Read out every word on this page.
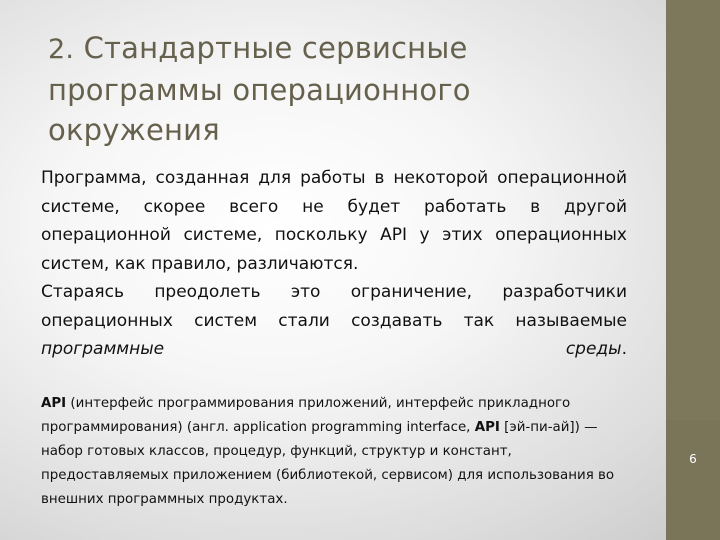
2. Стандартные сервисные программы операционного окружения

Программа, созданная для работы в некоторой операционной системе, скорее всего не будет работать в другой операционной системе, поскольку API у этих операционных систем, как правило, различаются.

Стараясь преодолеть это ограничение, разработчики операционных систем стали создавать так называемые программные	среды.

API (интерфейс программирования приложений, интерфейс прикладного программирования) (англ. application programming interface, API [эй-пи-ай]) — набор готовых классов, процедур, функций, структур и констант, предоставляемых приложением (библиотекой, сервисом) для использования во внешних программных продуктах.
6
